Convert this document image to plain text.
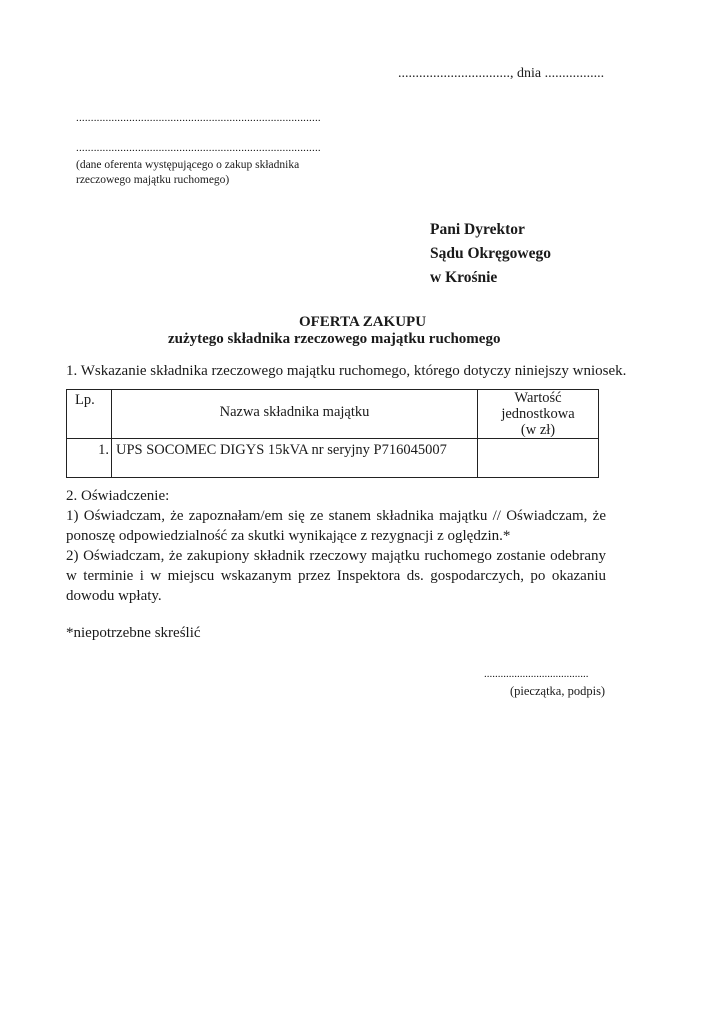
................................, dnia .................
...................................................................................
...................................................................................
(dane oferenta występującego o zakup składnika rzeczowego majątku ruchomego)
Pani Dyrektor
Sądu Okręgowego
w Krośnie
OFERTA ZAKUPU
zużytego składnika rzeczowego majątku ruchomego
1. Wskazanie składnika rzeczowego majątku ruchomego, którego dotyczy niniejszy wniosek.
Lp.	Nazwa składnika majątku	Wartość
jednostkowa
(w zł)

1.	UPS SOCOMEC DIGYS 15kVA nr seryjny P716045007	

2. Oświadczenie:

1) Oświadczam, że zapoznałam/em się ze stanem składnika majątku // Oświadczam, że ponoszę odpowiedzialność za skutki wynikające z rezygnacji z oględzin.*

2) Oświadczam, że zakupiony składnik rzeczowy majątku ruchomego zostanie odebrany w terminie i w miejscu wskazanym przez Inspektora ds. gospodarczych, po okazaniu dowodu wpłaty.

*niepotrzebne skreślić
......................................
(pieczątka, podpis)
